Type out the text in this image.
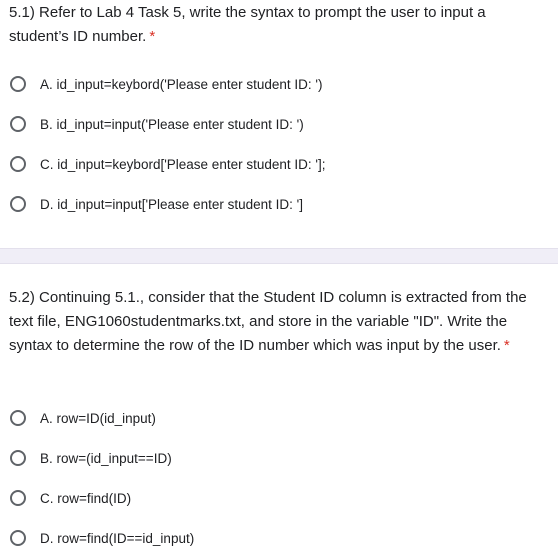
5.1) Refer to Lab 4 Task 5, write the syntax to prompt the user to input a student’s ID number. *
A. id_input=keybord('Please enter student ID: ')
B. id_input=input('Please enter student ID: ')
C. id_input=keybord['Please enter student ID: '];
D. id_input=input['Please enter student ID: ']
5.2) Continuing 5.1., consider that the Student ID column is extracted from the text file, ENG1060studentmarks.txt, and store in the variable "ID". Write the syntax to determine the row of the ID number which was input by the user. *
A. row=ID(id_input)
B. row=(id_input==ID)
C. row=find(ID)
D. row=find(ID==id_input)
